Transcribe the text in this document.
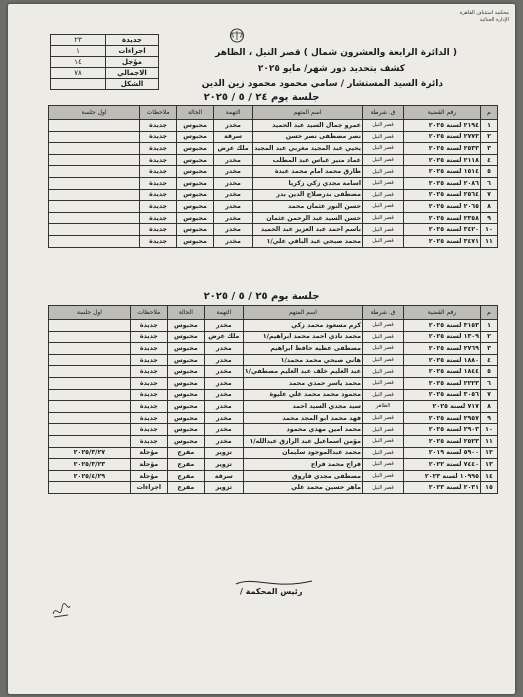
محكمة استئناف القاهرة
الإدارة الجنائية
جديدة	٢٣
اجراءات	١
مؤجل	١٤
الاجمالي	٧٨
الشكل	
( الدائرة الرابعة والعشرون شمال ) قصر النيل ، الظاهر
كشف بتحديد دور شهر/ مايو ٢٠٢٥
دائرة السيد المستشار / سامي محمود محمود زين الدين
جلسة يوم ٢٤ / ٥ / ٢٠٢٥
م	رقم القضية	ق. شرطة	اسم المتهم	التهمة	الحالة	ملاحظات	اول جلسة
١	٢١٩٤ لسنة ٢٠٢٥	قصر النيل	عمرو جمال السيد عبد الحميد	مخدر	محبوس	جديدة	
٢	٢٧٧٣ لسنة ٢٠٢٥	قصر النيل	نصر مصطفى نصر حسن	سرقة	محبوس	جديدة	
٣	٢٥٣٣ لسنة ٢٠٢٥	قصر النيل	يحيي عبد المجيد مغربي عبد المجيد	ملك عرض	محبوس	جديدة	
٤	٢١١٨ لسنة ٢٠٢٥	قصر النيل	عماد منير عباس عبد المطلب	مخدر	محبوس	جديدة	
٥	١٥١٤ لسنة ٢٠٢٥	قصر النيل	طارق محمد امام محمد عبدة	مخدر	محبوس	جديدة	
٦	٢٠٨٦ لسنة ٢٠٢٥	قصر النيل	اسامة مجدي زكي زكريا	مخدر	محبوس	جديدة	
٧	٢٥٦٤ لسنة ٢٠٢٥	قصر النيل	مصطفى بدرصلاح الدين بدر	مخدر	محبوس	جديدة	
٨	٢٠٦٥ لسنة ٢٠٢٥	قصر النيل	حسن النور عثمان محمد	مخدر	محبوس	جديدة	
٩	٢٣٥٨ لسنة ٢٠٢٥	قصر النيل	حسن السيد عبد الرحمن عثمان	مخدر	محبوس	جديدة	
١٠	٣٤٢٠ لسنة ٢٠٢٥	قصر النيل	باسم احمد عبد العزيز عبد الحميد	مخدر	محبوس	جديدة	
١١	٣٤٧١ لسنة ٢٠٢٥	قصر النيل	محمد صبحي عبد الباقي علي/١	مخدر	محبوس	جديدة	
جلسة يوم ٢٥ / ٥ / ٢٠٢٥
م	رقم القضية	ق. شرطة	اسم المتهم	التهمة	الحالة	ملاحظات	اول جلسة
١	٣١٥٣ لسنة ٢٠٢٥	قصر النيل	كرم مسعود محمد زكي	مخدر	محبوس	جديدة	
٢	١٣٠٩ لسنة ٢٠٢٥	قصر النيل	محمد نادي احمد محمد ابراهيم/١	ملك عرض	محبوس	جديدة	
٣	٢٧٦٩ لسنة ٢٠٢٥	قصر النيل	مصطفى عطية حافظ ابراهيم	مخدر	محبوس	جديدة	
٤	١٨٨٠ لسنة ٢٠٢٥	قصر النيل	هاني صبحي محمد محمد/١	مخدر	محبوس	جديدة	
٥	١٨٤٤ لسنة ٢٠٢٥	قصر النيل	عبد العليم خلف عبد العليم مصطفي/١	مخدر	محبوس	جديدة	
٦	٢٢٢٣ لسنة ٢٠٢٥	قصر النيل	محمد ياسر حمدي محمد	مخدر	محبوس	جديدة	
٧	٣٠٥٦ لسنة ٢٠٢٥	قصر النيل	محمود محمد محمد علي عليوة	مخدر	محبوس	جديدة	
٨	٧١٧ لسنة ٢٠٢٥	الظاهر	سيد مجدي السيد احمد	مخدر	محبوس	جديدة	
٩	٢٩٥٧ لسنة ٢٠٢٥	قصر النيل	فهد محمد ابو المجد محمد	مخدر	محبوس	جديدة	
١٠	٢٩٠٣ لسنة ٢٠٢٥	قصر النيل	محمد امين مهدي محمود	مخدر	محبوس	جديدة	
١١	٢٥٢٣ لسنة ٢٠٢٥	قصر النيل	مؤمن اسماعيل عبد الرازق عبدالله/١	مخدر	محبوس	جديدة	
١٢	٥٩٠٠ لسنة ٢٠١٩	قصر النيل	محمد عبدالموجود سليمان	تزوير	مفرج	مؤجلة	٢٠٢٥/٣/٢٧
١٣	٧٤٤٠ لسنة ٢٠٢٢	قصر النيل	فراج محمد فراج	تزوير	مفرج	مؤجلة	٢٠٢٥/٣/٢٣
١٤	١٠٩٩٥ لسنة ٢٠٢٣	قصر النيل	مصطفى مجدي فاروق	سرقة	مفرج	مؤجلة	٢٠٢٥/٤/٢٩
١٥	٢٠٣١ لسنة ٢٠٢٣	قصر النيل	ماهر حسين محمد علي	تزوير	مفرج	اجراءات	
رئيس المحكمة /
